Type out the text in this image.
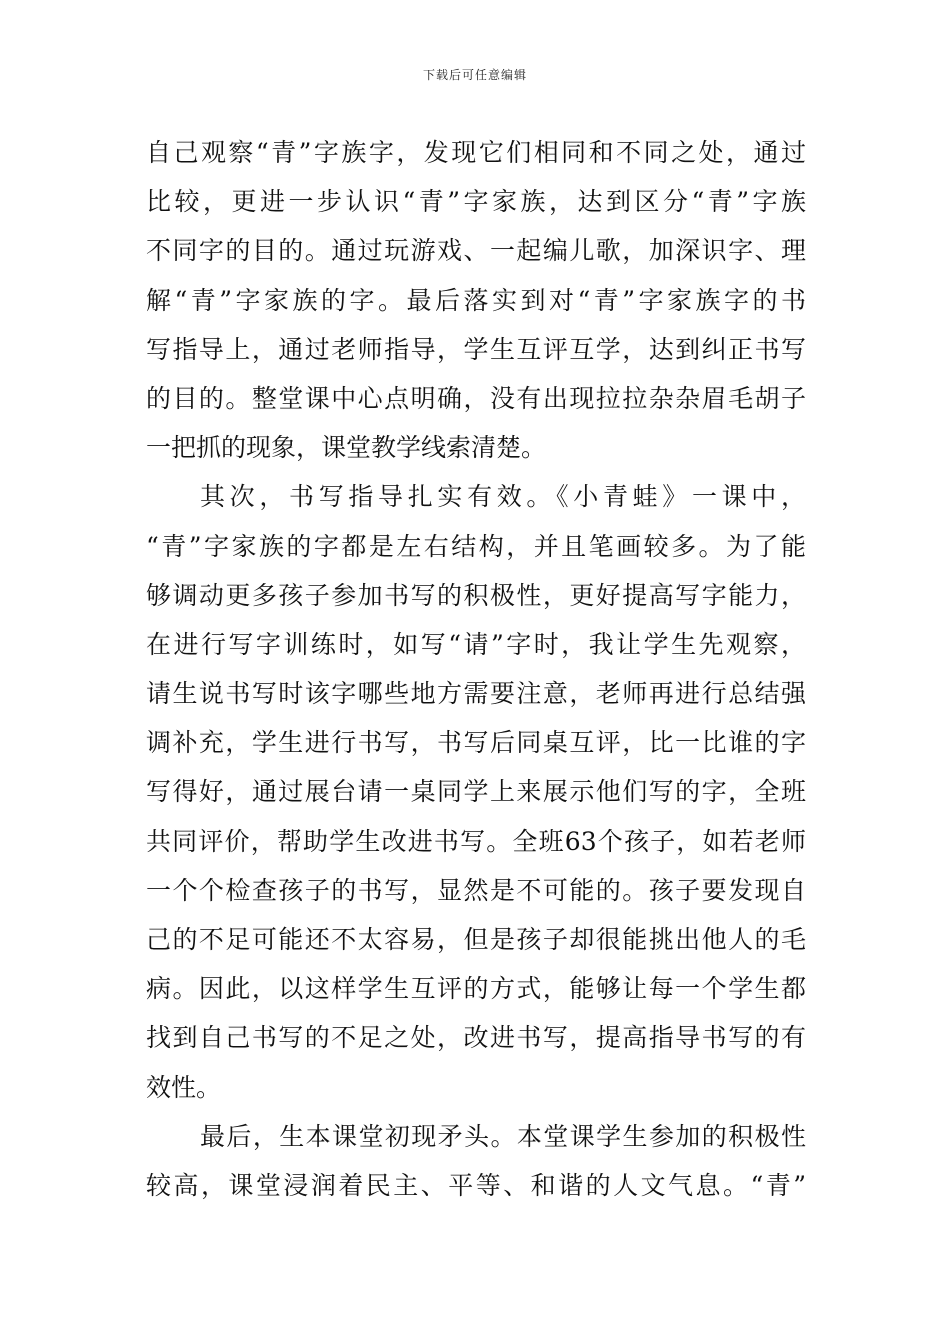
下载后可任意编辑
自己观察“青”字族字，发现它们相同和不同之处，通过
比较，更进一步认识“青”字家族，达到区分“青”字族
不同字的目的。通过玩游戏、一起编儿歌，加深识字、理
解“青”字家族的字。最后落实到对“青”字家族字的书
写指导上，通过老师指导，学生互评互学，达到纠正书写
的目的。整堂课中心点明确，没有出现拉拉杂杂眉毛胡子
一把抓的现象，课堂教学线索清楚。
其次，书写指导扎实有效。《小青蛙》一课中，
“青”字家族的字都是左右结构，并且笔画较多。为了能
够调动更多孩子参加书写的积极性，更好提高写字能力，
在进行写字训练时，如写“请”字时，我让学生先观察，
请生说书写时该字哪些地方需要注意，老师再进行总结强
调补充，学生进行书写，书写后同桌互评，比一比谁的字
写得好，通过展台请一桌同学上来展示他们写的字，全班
共同评价，帮助学生改进书写。全班63个孩子，如若老师
一个个检查孩子的书写，显然是不可能的。孩子要发现自
己的不足可能还不太容易，但是孩子却很能挑出他人的毛
病。因此，以这样学生互评的方式，能够让每一个学生都
找到自己书写的不足之处，改进书写，提高指导书写的有
效性。
最后，生本课堂初现矛头。本堂课学生参加的积极性
较高，课堂浸润着民主、平等、和谐的人文气息。“青”
